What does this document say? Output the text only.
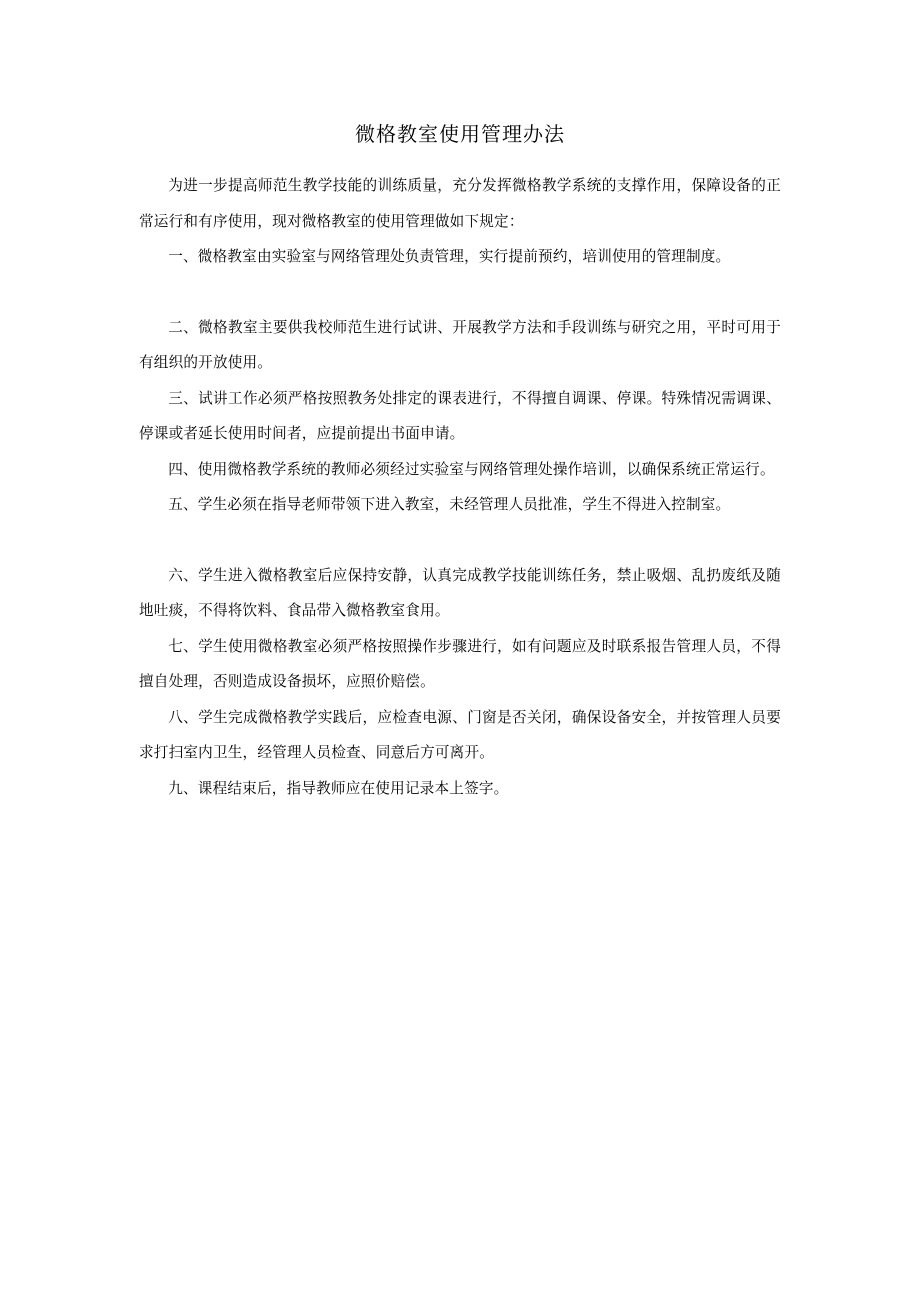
微格教室使用管理办法

为进一步提高师范生教学技能的训练质量，充分发挥微格教学系统的支撑作用，保障设备的正常运行和有序使用，现对微格教室的使用管理做如下规定：

一、微格教室由实验室与网络管理处负责管理，实行提前预约，培训使用的管理制度。

二、微格教室主要供我校师范生进行试讲、开展教学方法和手段训练与研究之用，平时可用于有组织的开放使用。

三、试讲工作必须严格按照教务处排定的课表进行，不得擅自调课、停课。特殊情况需调课、停课或者延长使用时间者，应提前提出书面申请。

四、使用微格教学系统的教师必须经过实验室与网络管理处操作培训，以确保系统正常运行。

五、学生必须在指导老师带领下进入教室，未经管理人员批准，学生不得进入控制室。

六、学生进入微格教室后应保持安静，认真完成教学技能训练任务，禁止吸烟、乱扔废纸及随地吐痰，不得将饮料、食品带入微格教室食用。

七、学生使用微格教室必须严格按照操作步骤进行，如有问题应及时联系报告管理人员，不得擅自处理，否则造成设备损坏，应照价赔偿。

八、学生完成微格教学实践后，应检查电源、门窗是否关闭，确保设备安全，并按管理人员要求打扫室内卫生，经管理人员检查、同意后方可离开。

九、课程结束后，指导教师应在使用记录本上签字。
